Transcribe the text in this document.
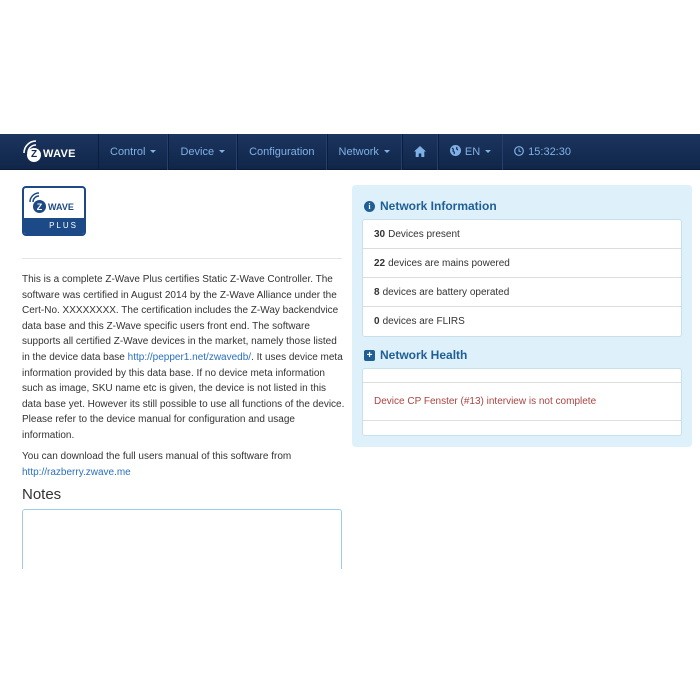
Z WAVE	Control	Device	Configuration Network	EN	15:32:30
Z WAVE
PLUS
This is a complete Z-Wave Plus certifies Static Z-Wave Controller. The software was certified in August 2014 by the Z-Wave Alliance under the Cert-No. XXXXXXXX. The certification includes the Z-Way backendvice data base and this Z-Wave specific users front end. The software supports all certified Z-Wave devices in the market, namely those listed in the device data base http://pepper1.net/zwavedb/. It uses device meta information provided by this data base. If no device meta information such as image, SKU name etc is given, the device is not listed in this data base yet. However its still possible to use all functions of the device. Please refer to the device manual for configuration and usage information.
You can download the full users manual of this software from http://razberry.zwave.me
Notes
i Network Information
30 Devices present
22 devices are mains powered
8 devices are battery operated
0 devices are FLIRS
+ Network Health
Device CP Fenster (#13) interview is not complete
